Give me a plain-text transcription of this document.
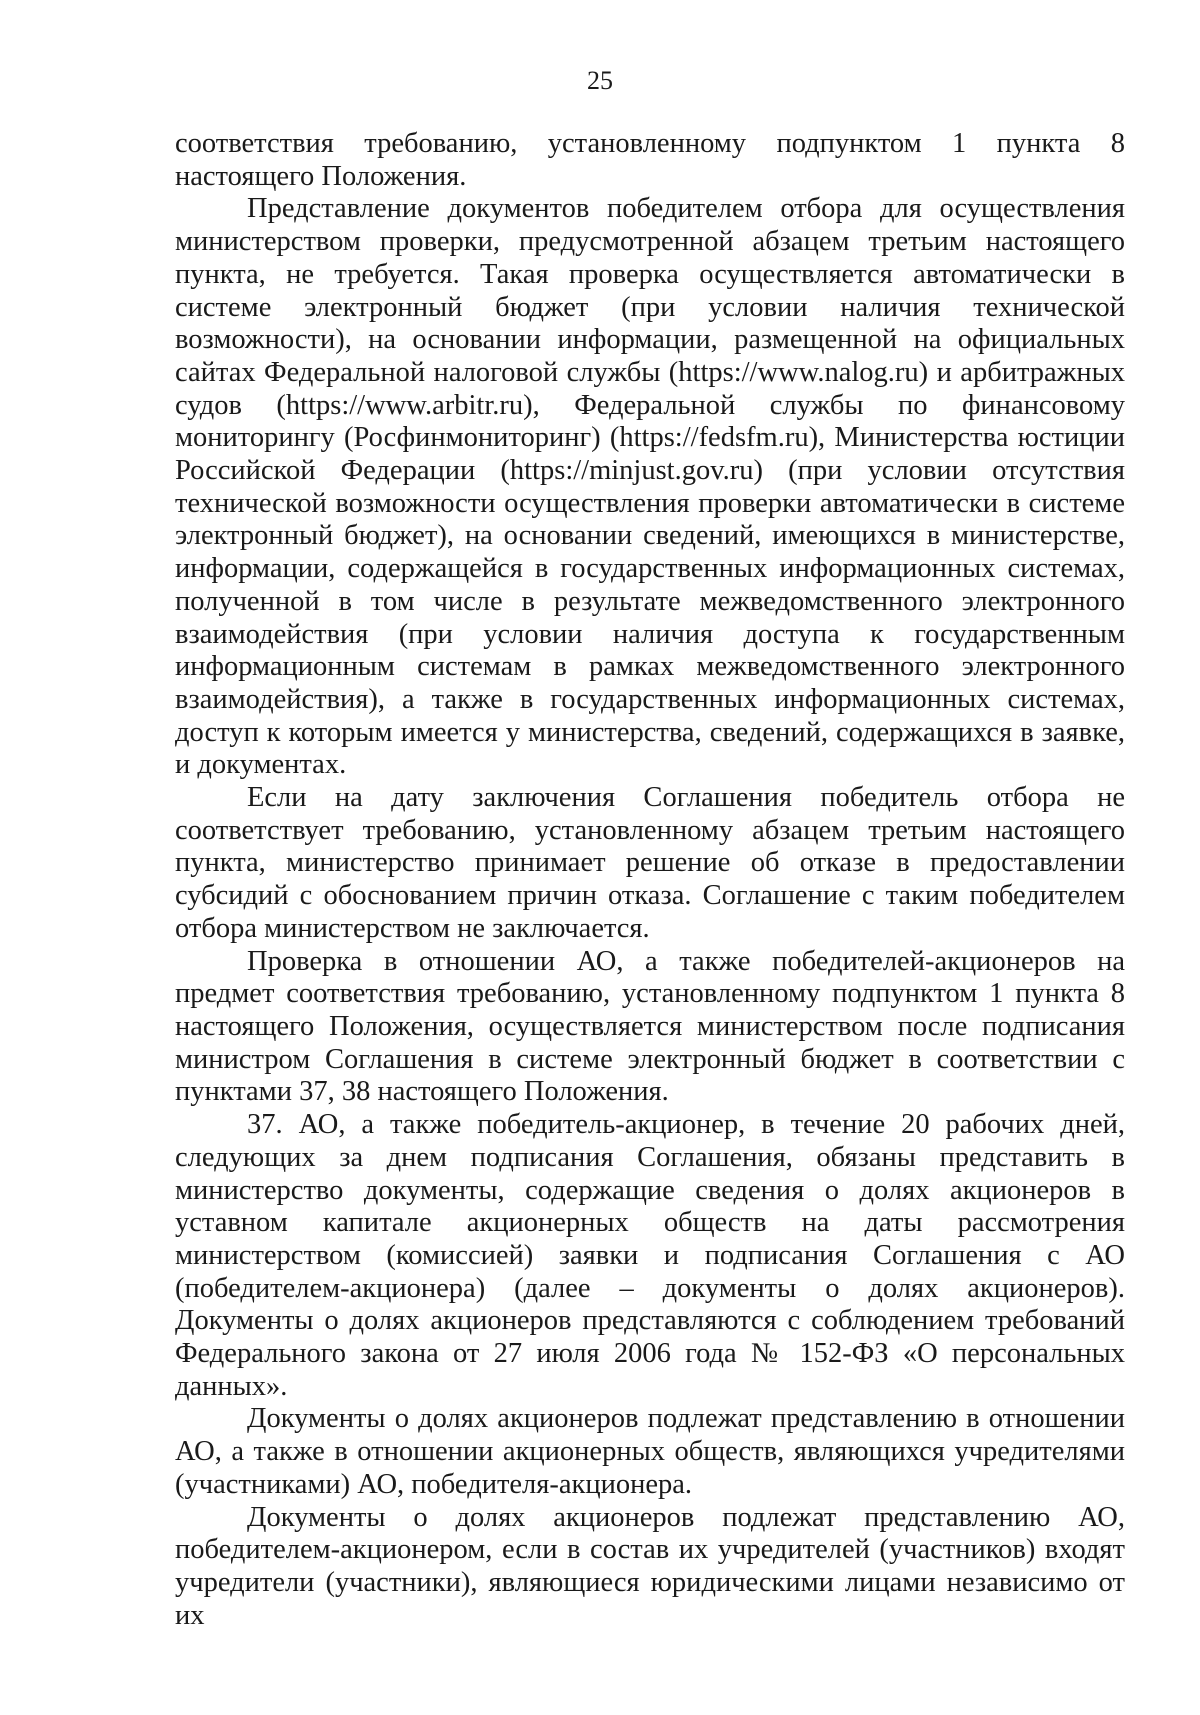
25

соответствия требованию, установленному подпунктом 1 пункта 8 настоящего Положения.

Представление документов победителем отбора для осуществления министерством проверки, предусмотренной абзацем третьим настоящего пункта, не требуется. Такая проверка осуществляется автоматически в системе электронный бюджет (при условии наличия технической возможности), на основании информации, размещенной на официальных сайтах Федеральной налоговой службы (https://www.nalog.ru) и арбитражных судов (https://www.arbitr.ru), Федеральной службы по финансовому мониторингу (Росфинмониторинг) (https://fedsfm.ru), Министерства юстиции Российской Федерации (https://minjust.gov.ru) (при условии отсутствия технической возможности осуществления проверки автоматически в системе электронный бюджет), на основании сведений, имеющихся в министерстве, информации, содержащейся в государственных информационных системах, полученной в том числе в результате межведомственного электронного взаимодействия (при условии наличия доступа к государственным информационным системам в рамках межведомственного электронного взаимодействия), а также в государственных информационных системах, доступ к которым имеется у министерства, сведений, содержащихся в заявке, и документах.

Если на дату заключения Соглашения победитель отбора не соответствует требованию, установленному абзацем третьим настоящего пункта, министерство принимает решение об отказе в предоставлении субсидий с обоснованием причин отказа. Соглашение с таким победителем отбора министерством не заключается.

Проверка в отношении АО, а также победителей-акционеров на предмет соответствия требованию, установленному подпунктом 1 пункта 8 настоящего Положения, осуществляется министерством после подписания министром Соглашения в системе электронный бюджет в соответствии с пунктами 37, 38 настоящего Положения.

37. АО, а также победитель-акционер, в течение 20 рабочих дней, следующих за днем подписания Соглашения, обязаны представить в министерство документы, содержащие сведения о долях акционеров в уставном капитале акционерных обществ на даты рассмотрения министерством (комиссией) заявки и подписания Соглашения с АО (победителем-акционера) (далее – документы о долях акционеров). Документы о долях акционеров представляются с соблюдением требований Федерального закона от 27 июля 2006 года № 152-ФЗ «О персональных данных».

Документы о долях акционеров подлежат представлению в отношении АО, а также в отношении акционерных обществ, являющихся учредителями (участниками) АО, победителя-акционера.

Документы о долях акционеров подлежат представлению АО, победителем-акционером, если в состав их учредителей (участников) входят учредители (участники), являющиеся юридическими лицами независимо от их
